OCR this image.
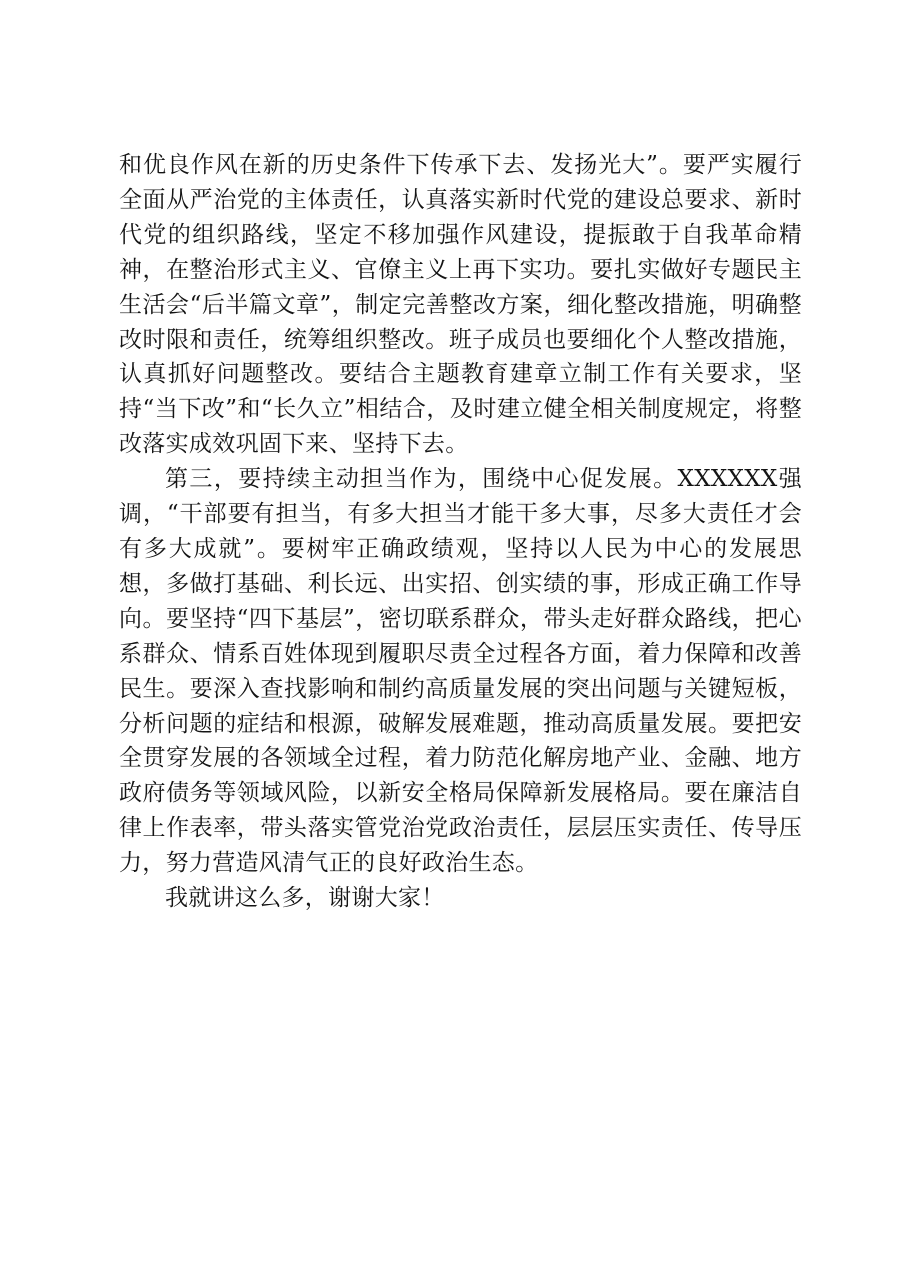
和优良作风在新的历史条件下传承下去、发扬光大”。要严实履行全面从严治党的主体责任，认真落实新时代党的建设总要求、新时代党的组织路线，坚定不移加强作风建设，提振敢于自我革命精神，在整治形式主义、官僚主义上再下实功。要扎实做好专题民主生活会“后半篇文章”，制定完善整改方案，细化整改措施，明确整改时限和责任，统筹组织整改。班子成员也要细化个人整改措施，认真抓好问题整改。要结合主题教育建章立制工作有关要求，坚持“当下改”和“长久立”相结合，及时建立健全相关制度规定，将整改落实成效巩固下来、坚持下去。

第三，要持续主动担当作为，围绕中心促发展。XXXXXX强调，“干部要有担当，有多大担当才能干多大事，尽多大责任才会有多大成就”。要树牢正确政绩观，坚持以人民为中心的发展思想，多做打基础、利长远、出实招、创实绩的事，形成正确工作导向。要坚持“四下基层”，密切联系群众，带头走好群众路线，把心系群众、情系百姓体现到履职尽责全过程各方面，着力保障和改善民生。要深入查找影响和制约高质量发展的突出问题与关键短板，分析问题的症结和根源，破解发展难题，推动高质量发展。要把安全贯穿发展的各领域全过程，着力防范化解房地产业、金融、地方政府债务等领域风险，以新安全格局保障新发展格局。要在廉洁自律上作表率，带头落实管党治党政治责任，层层压实责任、传导压力，努力营造风清气正的良好政治生态。

我就讲这么多，谢谢大家！
